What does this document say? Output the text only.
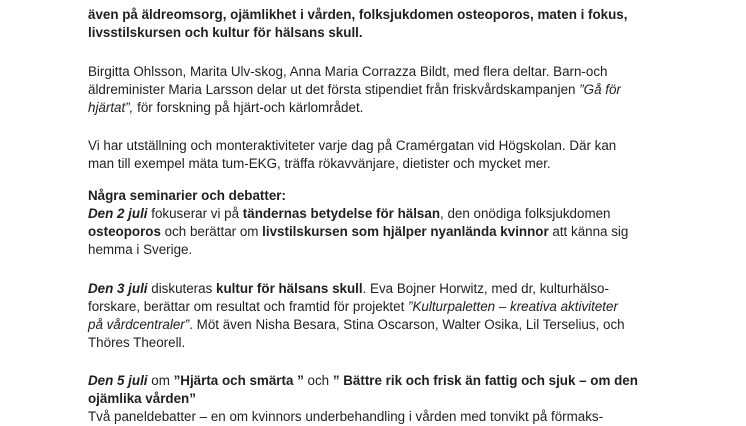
även på äldreomsorg, ojämlikhet i vården, folksjukdomen osteoporos, maten i fokus,
livsstilskursen och kultur för hälsans skull.

Birgitta Ohlsson, Marita Ulv-skog, Anna Maria Corrazza Bildt, med flera deltar. Barn-och
äldreminister Maria Larsson delar ut det första stipendiet från friskvårdskampanjen ”Gå för
hjärtat”, för forskning på hjärt-och kärlområdet.

Vi har utställning och monteraktiviteter varje dag på Cramérgatan vid Högskolan. Där kan
man till exempel mäta tum-EKG, träffa rökavvänjare, dietister och mycket mer.

Några seminarier och debatter:
Den 2 juli fokuserar vi på tändernas betydelse för hälsan, den onödiga folksjukdomen
osteoporos och berättar om livstilskursen som hjälper nyanlända kvinnor att känna sig
hemma i Sverige.

Den 3 juli diskuteras kultur för hälsans skull. Eva Bojner Horwitz, med dr, kulturhälso-
forskare, berättar om resultat och framtid för projektet ”Kulturpaletten – kreativa aktiviteter
på vårdcentraler”. Möt även Nisha Besara, Stina Oscarson, Walter Osika, Lil Terselius, och
Thöres Theorell.

Den 5 juli om ”Hjärta och smärta ” och ” Bättre rik och frisk än fattig och sjuk – om den
ojämlika vården”
Två paneldebatter – en om kvinnors underbehandling i vården med tonvikt på förmaks-
